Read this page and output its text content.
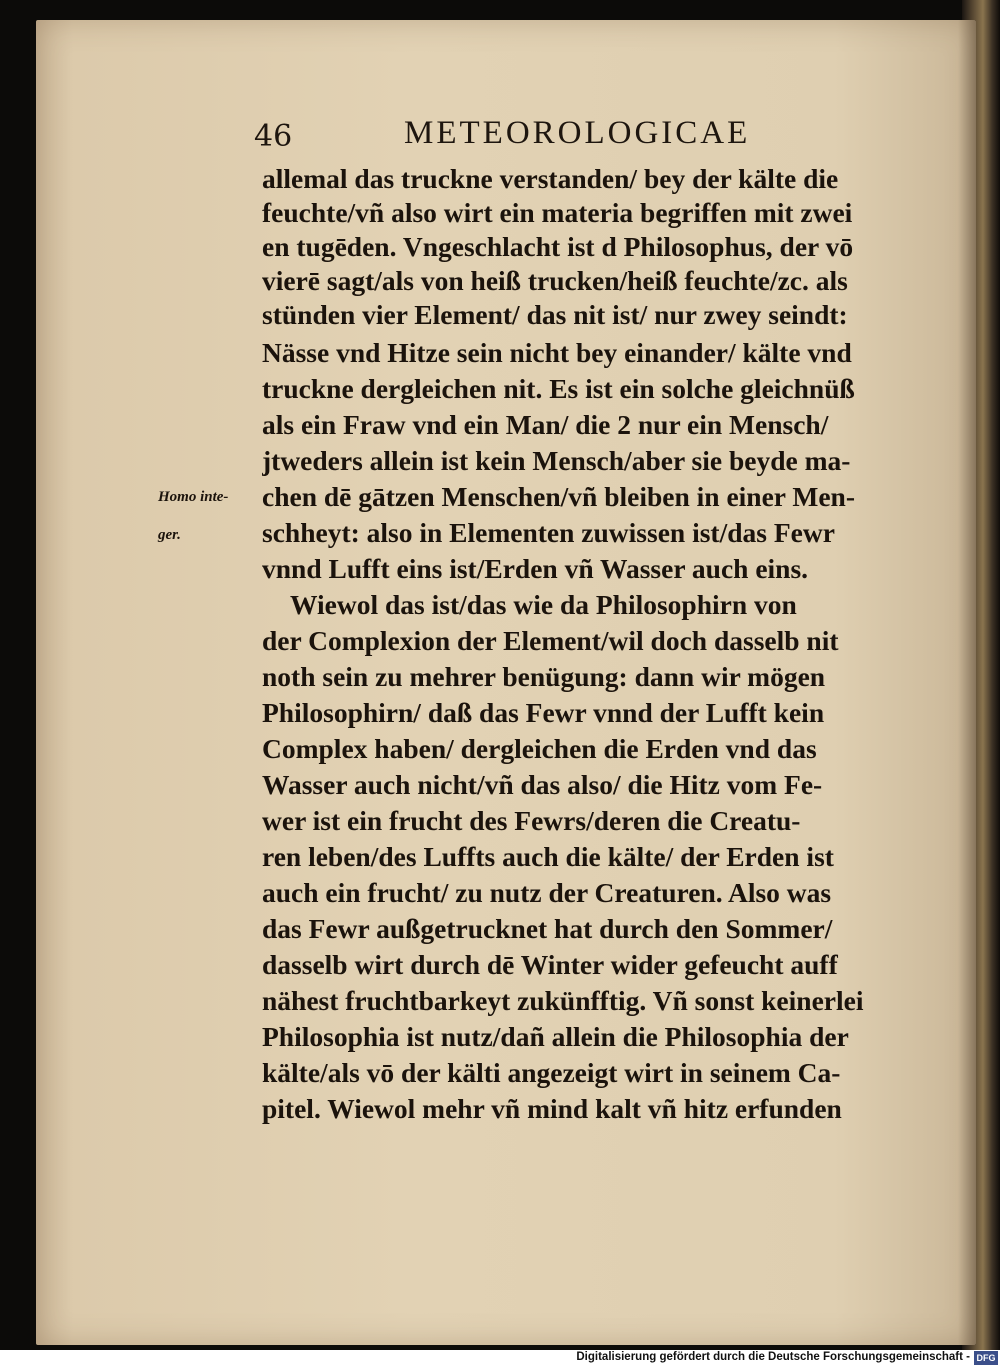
46	METEOROLOGICAE
Homo inte-
ger.
allemal das truckne verstanden/ bey der kälte die
feuchte/vñ also wirt ein materia begriffen mit zwei
en tugēden. Vngeschlacht ist d Philosophus, der vō
vierē sagt/als von heiß trucken/heiß feuchte/zc. als
stünden vier Element/ das nit ist/ nur zwey seindt:
Nässe vnd Hitze sein nicht bey einander/ kälte vnd
truckne dergleichen nit. Es ist ein solche gleichnüß
als ein Fraw vnd ein Man/ die 2 nur ein Mensch/
jtweders allein ist kein Mensch/aber sie beyde ma-
chen dē gātzen Menschen/vñ bleiben in einer Men-
schheyt: also in Elementen zuwissen ist/das Fewr
vnnd Lufft eins ist/Erden vñ Wasser auch eins.
Wiewol das ist/das wie da Philosophirn von
der Complexion der Element/wil doch dasselb nit
noth sein zu mehrer benügung: dann wir mögen
Philosophirn/ daß das Fewr vnnd der Lufft kein
Complex haben/ dergleichen die Erden vnd das
Wasser auch nicht/vñ das also/ die Hitz vom Fe-
wer ist ein frucht des Fewrs/deren die Creatu-
ren leben/des Luffts auch die kälte/ der Erden ist
auch ein frucht/ zu nutz der Creaturen. Also was
das Fewr außgetrucknet hat durch den Sommer/
dasselb wirt durch dē Winter wider gefeucht auff
nähest fruchtbarkeyt zukünfftig. Vñ sonst keinerlei
Philosophia ist nutz/dañ allein die Philosophia der
kälte/als vō der kälti angezeigt wirt in seinem Ca-
pitel. Wiewol mehr vñ mind kalt vñ hitz erfunden
Digitalisierung gefördert durch die Deutsche Forschungsgemeinschaft - DFG
